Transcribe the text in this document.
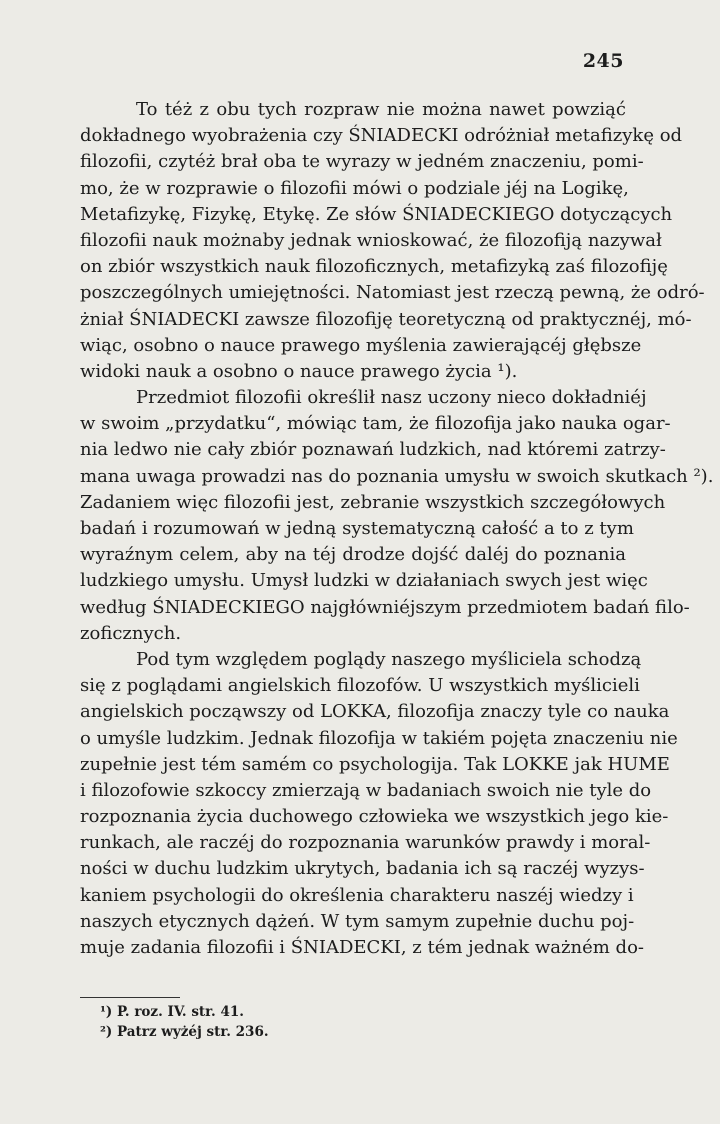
245
To téż z obu tych rozpraw nie można nawet powziąć
dokładnego wyobrażenia czy ŚNIADECKI odróżniał metafizykę od
filozofii, czytéż brał oba te wyrazy w jedném znaczeniu, pomi-
mo, że w rozprawie o filozofii mówi o podziale jéj na Logikę,
Metafizykę, Fizykę, Etykę. Ze słów ŚNIADECKIEGO dotyczących
filozofii nauk możnaby jednak wnioskować, że filozofiją nazywał
on zbiór wszystkich nauk filozoficznych, metafizyką zaś filozofiję
poszczególnych umiejętności. Natomiast jest rzeczą pewną, że odró-
żniał ŚNIADECKI zawsze filozofiję teoretyczną od praktycznéj, mó-
wiąc, osobno o nauce prawego myślenia zawierającéj głębsze
widoki nauk a osobno o nauce prawego życia ¹).
Przedmiot filozofii określił nasz uczony nieco dokładniéj
w swoim „przydatku“, mówiąc tam, że filozofija jako nauka ogar-
nia ledwo nie cały zbiór poznawań ludzkich, nad któremi zatrzy-
mana uwaga prowadzi nas do poznania umysłu w swoich skutkach ²).
Zadaniem więc filozofii jest, zebranie wszystkich szczegółowych
badań i rozumowań w jedną systematyczną całość a to z tym
wyraźnym celem, aby na téj drodze dojść daléj do poznania
ludzkiego umysłu. Umysł ludzki w działaniach swych jest więc
według ŚNIADECKIEGO najgłówniéjszym przedmiotem badań filo-
zoficznych.
Pod tym względem poglądy naszego myśliciela schodzą
się z poglądami angielskich filozofów. U wszystkich myślicieli
angielskich począwszy od LOKKA, filozofija znaczy tyle co nauka
o umyśle ludzkim. Jednak filozofija w takiém pojęta znaczeniu nie
zupełnie jest tém samém co psychologija. Tak LOKKE jak HUME
i filozofowie szkoccy zmierzają w badaniach swoich nie tyle do
rozpoznania życia duchowego człowieka we wszystkich jego kie-
runkach, ale raczéj do rozpoznania warunków prawdy i moral-
ności w duchu ludzkim ukrytych, badania ich są raczéj wyzys-
kaniem psychologii do określenia charakteru naszéj wiedzy i
naszych etycznych dążeń. W tym samym zupełnie duchu poj-
muje zadania filozofii i ŚNIADECKI, z tém jednak ważném do-
¹) P. roz. IV. str. 41.
²) Patrz wyżéj str. 236.
